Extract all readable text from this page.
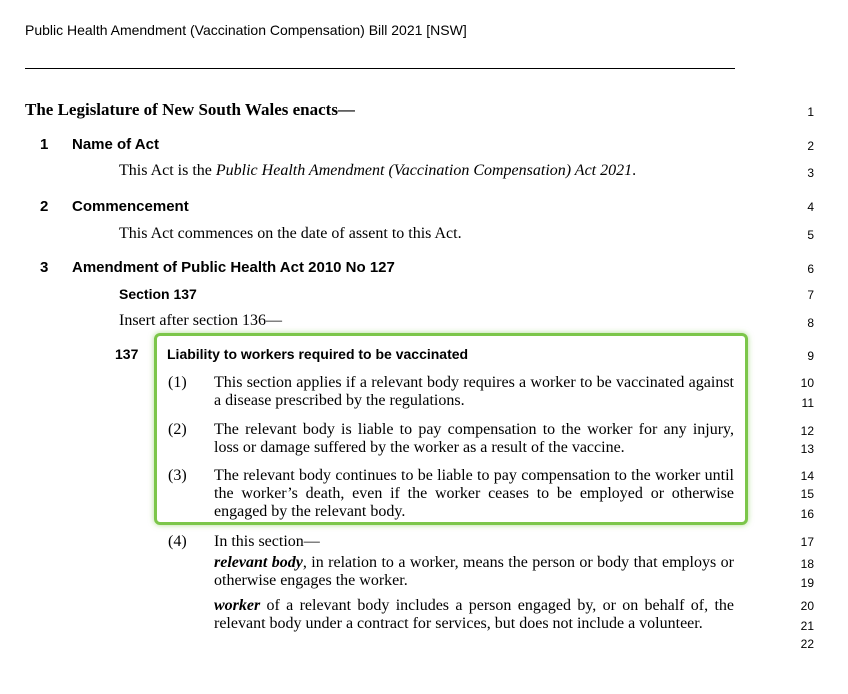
Public Health Amendment (Vaccination Compensation) Bill 2021 [NSW]
The Legislature of New South Wales enacts—
1 Name of Act
This Act is the Public Health Amendment (Vaccination Compensation) Act 2021.
2 Commencement
This Act commences on the date of assent to this Act.
3 Amendment of Public Health Act 2010 No 127
Section 137
Insert after section 136—
137 Liability to workers required to be vaccinated
(1) This section applies if a relevant body requires a worker to be vaccinated against a disease prescribed by the regulations.
(2) The relevant body is liable to pay compensation to the worker for any injury, loss or damage suffered by the worker as a result of the vaccine.
(3) The relevant body continues to be liable to pay compensation to the worker until the worker’s death, even if the worker ceases to be employed or otherwise engaged by the relevant body.
(4) In this section—
relevant body, in relation to a worker, means the person or body that employs or otherwise engages the worker.
worker of a relevant body includes a person engaged by, or on behalf of, the relevant body under a contract for services, but does not include a volunteer.
1
2
3
4
5
6
7
8
9
10
11
12
13
14
15
16
17
18
19
20
21
22
